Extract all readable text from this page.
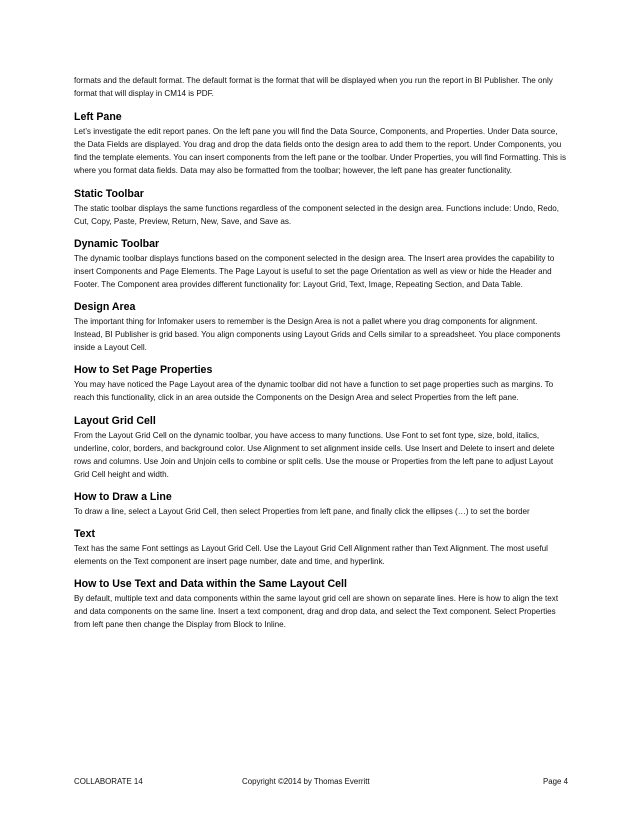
formats and the default format. The default format is the format that will be displayed when you run the report in BI Publisher. The only format that will display in CM14 is PDF.

Left Pane

Let’s investigate the edit report panes. On the left pane you will find the Data Source, Components, and Properties. Under Data source, the Data Fields are displayed. You drag and drop the data fields onto the design area to add them to the report. Under Components, you find the template elements. You can insert components from the left pane or the toolbar. Under Properties, you will find Formatting. This is where you format data fields. Data may also be formatted from the toolbar; however, the left pane has greater functionality.

Static Toolbar

The static toolbar displays the same functions regardless of the component selected in the design area. Functions include: Undo, Redo, Cut, Copy, Paste, Preview, Return, New, Save, and Save as.

Dynamic Toolbar

The dynamic toolbar displays functions based on the component selected in the design area. The Insert area provides the capability to insert Components and Page Elements. The Page Layout is useful to set the page Orientation as well as view or hide the Header and Footer. The Component area provides different functionality for: Layout Grid, Text, Image, Repeating Section, and Data Table.

Design Area

The important thing for Infomaker users to remember is the Design Area is not a pallet where you drag components for alignment. Instead, BI Publisher is grid based. You align components using Layout Grids and Cells similar to a spreadsheet. You place components inside a Layout Cell.

How to Set Page Properties

You may have noticed the Page Layout area of the dynamic toolbar did not have a function to set page properties such as margins. To reach this functionality, click in an area outside the Components on the Design Area and select Properties from the left pane.

Layout Grid Cell

From the Layout Grid Cell on the dynamic toolbar, you have access to many functions. Use Font to set font type, size, bold, italics, underline, color, borders, and background color. Use Alignment to set alignment inside cells. Use Insert and Delete to insert and delete rows and columns. Use Join and Unjoin cells to combine or split cells. Use the mouse or Properties from the left pane to adjust Layout Grid Cell height and width.

How to Draw a Line

To draw a line, select a Layout Grid Cell, then select Properties from left pane, and finally click the ellipses (…) to set the border

Text

Text has the same Font settings as Layout Grid Cell. Use the Layout Grid Cell Alignment rather than Text Alignment. The most useful elements on the Text component are insert page number, date and time, and hyperlink.

How to Use Text and Data within the Same Layout Cell

By default, multiple text and data components within the same layout grid cell are shown on separate lines. Here is how to align the text and data components on the same line. Insert a text component, drag and drop data, and select the Text component. Select Properties from left pane then change the Display from Block to Inline.

COLLABORATE 14	Copyright ©2014 by Thomas Everritt	Page 4
